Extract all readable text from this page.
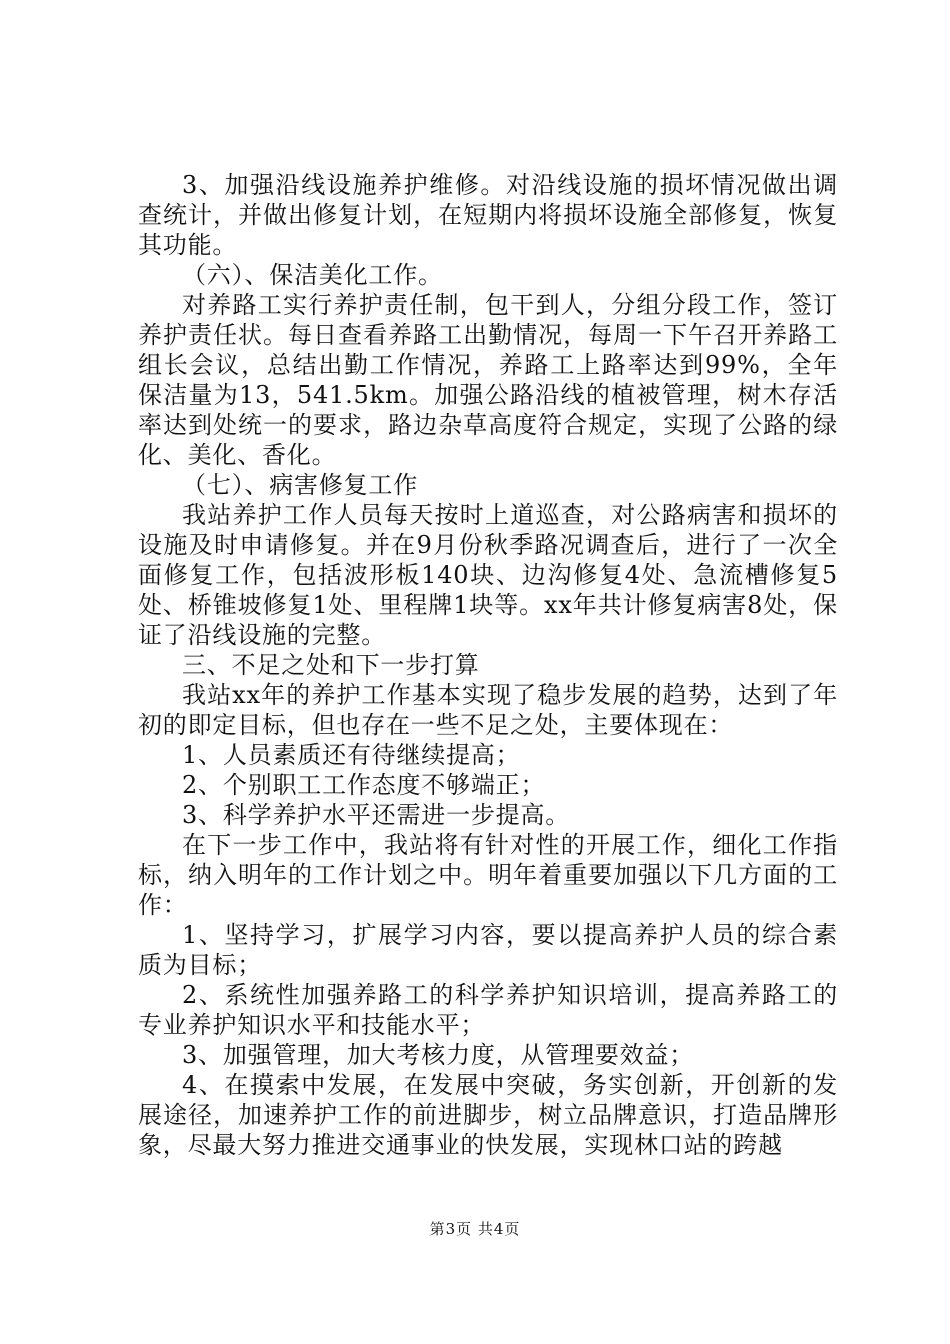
3、加强沿线设施养护维修。对沿线设施的损坏情况做出调查统计，并做出修复计划，在短期内将损坏设施全部修复，恢复其功能。

（六）、保洁美化工作。

对养路工实行养护责任制，包干到人，分组分段工作，签订养护责任状。每日查看养路工出勤情况，每周一下午召开养路工组长会议，总结出勤工作情况，养路工上路率达到99%，全年保洁量为13，541.5km。加强公路沿线的植被管理，树木存活率达到处统一的要求，路边杂草高度符合规定，实现了公路的绿化、美化、香化。

（七）、病害修复工作

我站养护工作人员每天按时上道巡查，对公路病害和损坏的设施及时申请修复。并在9月份秋季路况调查后，进行了一次全面修复工作，包括波形板140块、边沟修复4处、急流槽修复5处、桥锥坡修复1处、里程牌1块等。xx年共计修复病害8处，保证了沿线设施的完整。

三、不足之处和下一步打算

我站xx年的养护工作基本实现了稳步发展的趋势，达到了年初的即定目标，但也存在一些不足之处，主要体现在：

1、人员素质还有待继续提高；

2、个别职工工作态度不够端正；

3、科学养护水平还需进一步提高。

在下一步工作中，我站将有针对性的开展工作，细化工作指标，纳入明年的工作计划之中。明年着重要加强以下几方面的工作：

1、坚持学习，扩展学习内容，要以提高养护人员的综合素质为目标；

2、系统性加强养路工的科学养护知识培训，提高养路工的专业养护知识水平和技能水平；

3、加强管理，加大考核力度，从管理要效益；

4、在摸索中发展，在发展中突破，务实创新，开创新的发展途径，加速养护工作的前进脚步，树立品牌意识，打造品牌形象，尽最大努力推进交通事业的快发展，实现林口站的跨越

第3页 共4页
